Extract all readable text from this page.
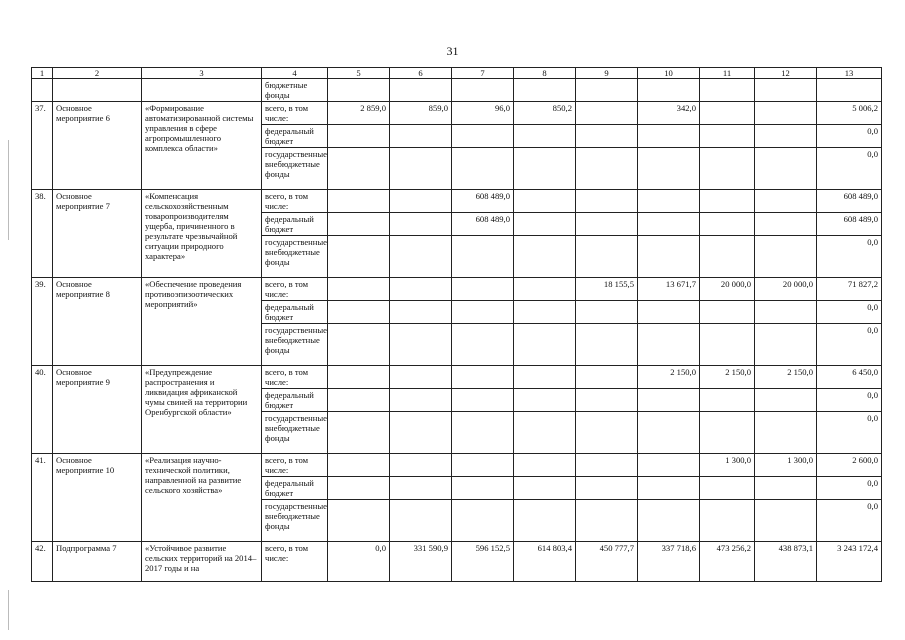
31
1	2	3	4	5	6	7	8	9	10	11	12	13
			бюджетные фонды									
37.	Основное мероприятие 6	«Формирование автоматизированной системы управления в сфере агропромышленного комплекса области»	всего, в том числе:	2 859,0	859,0	96,0	850,2		342,0			5 006,2
			федеральный бюджет									0,0
			государственные внебюджетные фонды									0,0
38.	Основное мероприятие 7	«Компенсация сельскохозяйственным товаропроизводителям ущерба, причиненного в результате чрезвычайной ситуации природного характера»	всего, в том числе:			608 489,0						608 489,0
			федеральный бюджет			608 489,0						608 489,0
			государственные внебюджетные фонды									0,0
39.	Основное мероприятие 8	«Обеспечение проведения противоэпизоотических мероприятий»	всего, в том числе:					18 155,5	13 671,7	20 000,0	20 000,0	71 827,2
			федеральный бюджет									0,0
			государственные внебюджетные фонды									0,0
40.	Основное мероприятие 9	«Предупреждение распространения и ликвидация африканской чумы свиней на территории Оренбургской области»	всего, в том числе:						2 150,0	2 150,0	2 150,0	6 450,0
			федеральный бюджет									0,0
			государственные внебюджетные фонды									0,0
41.	Основное мероприятие 10	«Реализация научно-технической политики, направленной на развитие сельского хозяйства»	всего, в том числе:							1 300,0	1 300,0	2 600,0
			федеральный бюджет									0,0
			государственные внебюджетные фонды									0,0
42.	Подпрограмма 7	«Устойчивое развитие сельских территорий на 2014–2017 годы и на	всего, в том числе:	0,0	331 590,9	596 152,5	614 803,4	450 777,7	337 718,6	473 256,2	438 873,1	3 243 172,4
